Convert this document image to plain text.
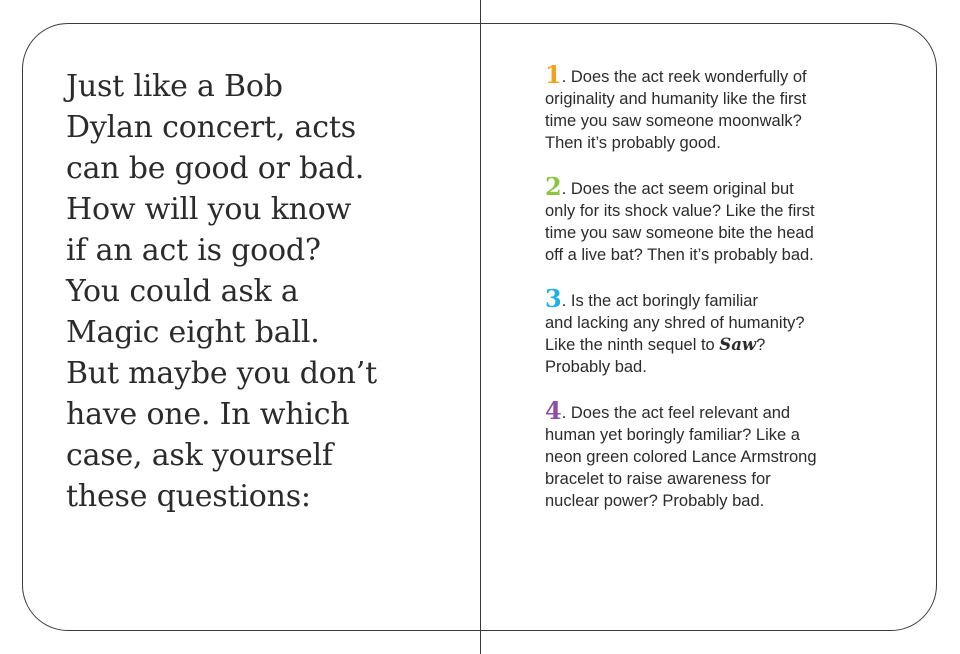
Just like a Bob
Dylan concert, acts
can be good or bad.
How will you know
if an act is good?
You could ask a
Magic eight ball.
But maybe you don’t
have one. In which
case, ask yourself
these questions:

1. Does the act reek wonderfully of
originality and humanity like the first
time you saw someone moonwalk?
Then it’s probably good.

2. Does the act seem original but
only for its shock value? Like the first
time you saw someone bite the head
off a live bat? Then it’s probably bad.

3. Is the act boringly familiar
and lacking any shred of humanity?
Like the ninth sequel to Saw?
Probably bad.

4. Does the act feel relevant and
human yet boringly familiar? Like a
neon green colored Lance Armstrong
bracelet to raise awareness for
nuclear power? Probably bad.
